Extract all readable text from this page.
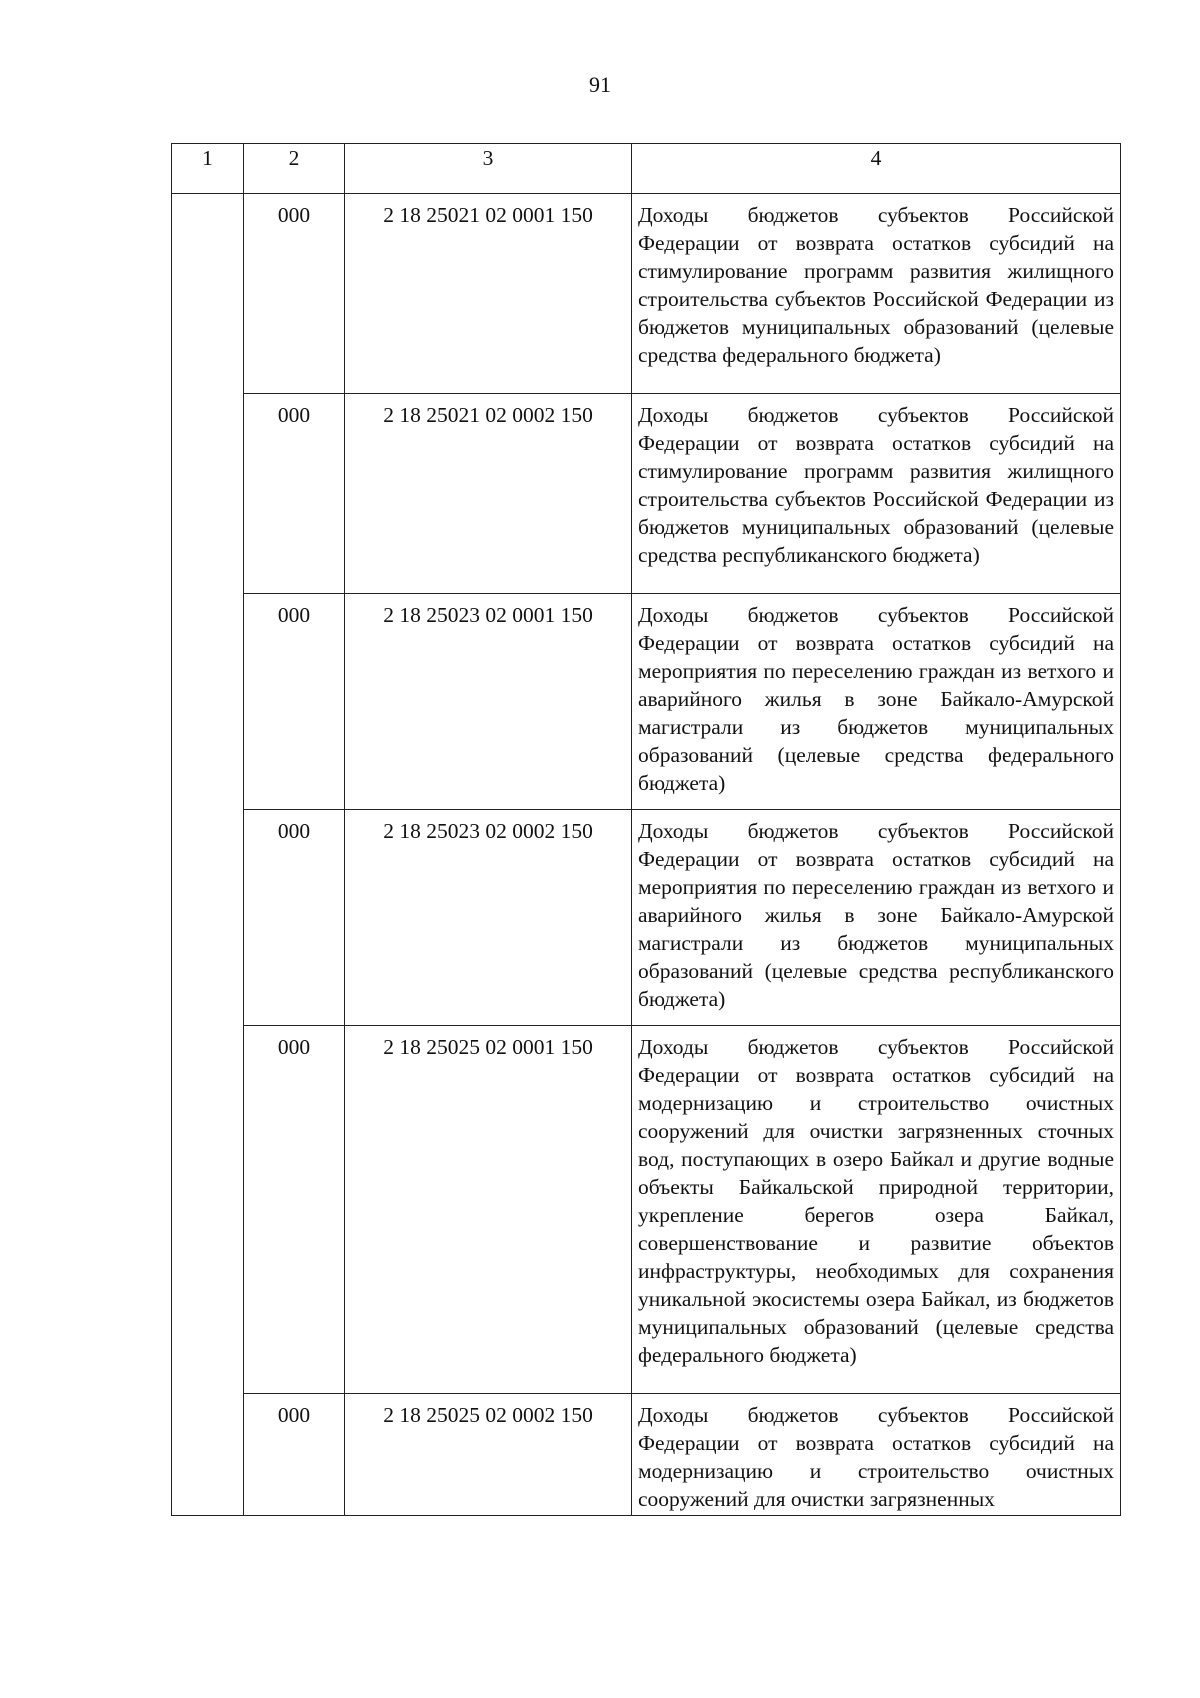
91
1	2	3	4
	000	2 18 25021 02 0001 150	Доходы бюджетов субъектов Российской Федерации от возврата остатков субсидий на стимулирование программ развития жилищного строительства субъектов Российской Федерации из бюджетов муниципальных образований (целевые средства федерального бюджета)
	000	2 18 25021 02 0002 150	Доходы бюджетов субъектов Российской Федерации от возврата остатков субсидий на стимулирование программ развития жилищного строительства субъектов Российской Федерации из бюджетов муниципальных образований (целевые средства республиканского бюджета)
	000	2 18 25023 02 0001 150	Доходы бюджетов субъектов Российской Федерации от возврата остатков субсидий на мероприятия по переселению граждан из ветхого и аварийного жилья в зоне Байкало-Амурской магистрали из бюджетов муниципальных образований (целевые средства федерального бюджета)
	000	2 18 25023 02 0002 150	Доходы бюджетов субъектов Российской Федерации от возврата остатков субсидий на мероприятия по переселению граждан из ветхого и аварийного жилья в зоне Байкало-Амурской магистрали из бюджетов муниципальных образований (целевые средства республиканского бюджета)
	000	2 18 25025 02 0001 150	Доходы бюджетов субъектов Российской Федерации от возврата остатков субсидий на модернизацию и строительство очистных сооружений для очистки загрязненных сточных вод, поступающих в озеро Байкал и другие водные объекты Байкальской природной территории, укрепление берегов озера Байкал, совершенствование и развитие объектов инфраструктуры, необходимых для сохранения уникальной экосистемы озера Байкал, из бюджетов муниципальных образований (целевые средства федерального бюджета)
	000	2 18 25025 02 0002 150	Доходы бюджетов субъектов Российской Федерации от возврата остатков субсидий на модернизацию и строительство очистных сооружений для очистки загрязненных
